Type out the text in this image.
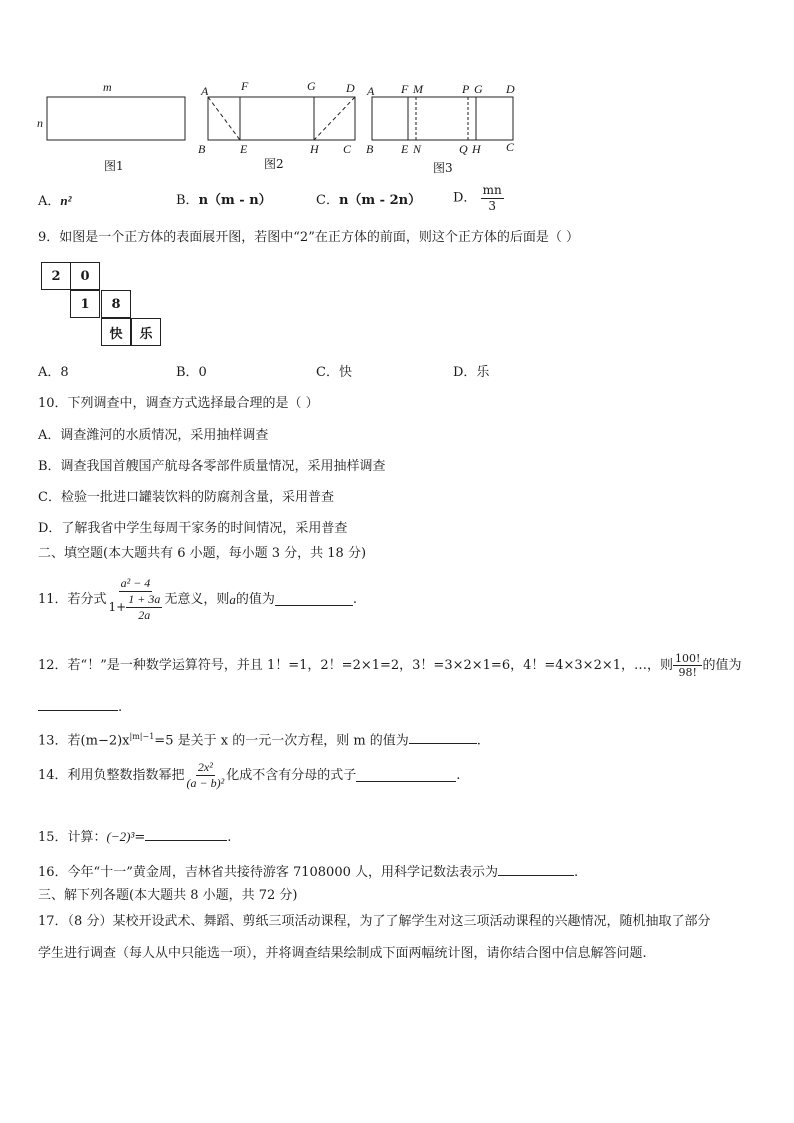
m
n
图1
A	F	G	D
B	E	H C
图2
A F M	P G D
B E N	Q H C
图3
A．n²	B．n（m - n）	C．n（m - 2n） D． $\frac{mn}{3}$
9．如图是一个正方体的表面展开图，若图中“2”在正方体的前面，则这个正方体的后面是（ ）
2	0
1	8
快	乐
A．8	B．0	C．快	D．乐
10．下列调查中，调查方式选择最合理的是（ ）
A．调查潍河的水质情况，采用抽样调查
B．调查我国首艘国产航母各零部件质量情况，采用抽样调查
C．检验一批进口罐装饮料的防腐剂含量，采用普查
D．了解我省中学生每周干家务的时间情况，采用普查
二、填空题(本大题共有 6 小题，每小题 3 分，共 18 分)
11．若分式 $\frac{\text{a² − 4}}{1+ \frac{1 + 3a}{2a}}$ 无意义，则 a 的值为	.
12．若“！”是一种数学运算符号，并且 1！=1，2！=2×1=2，3！=3×2×1=6，4！=4×3×2×1，…，则 $\frac{100!}{98!}$ 的值为
.
13．若$(m-2)x^{|m|-1}=5$ 是关于 x 的一元一次方程，则 m 的值为	.
14．利用负整数指数幂把 $\frac{\text{2x²}}{\text{(a − b)²}}$ 化成不含有分母的式子	.
15．计算：(−2)³=	.
16．今年“十一”黄金周，吉林省共接待游客 7108000 人，用科学记数法表示为	.
三、解下列各题(本大题共 8 小题，共 72 分)
17．（8 分）某校开设武术、舞蹈、剪纸三项活动课程，为了了解学生对这三项活动课程的兴趣情况，随机抽取了部分
学生进行调查（每人从中只能选一项），并将调查结果绘制成下面两幅统计图，请你结合图中信息解答问题.
